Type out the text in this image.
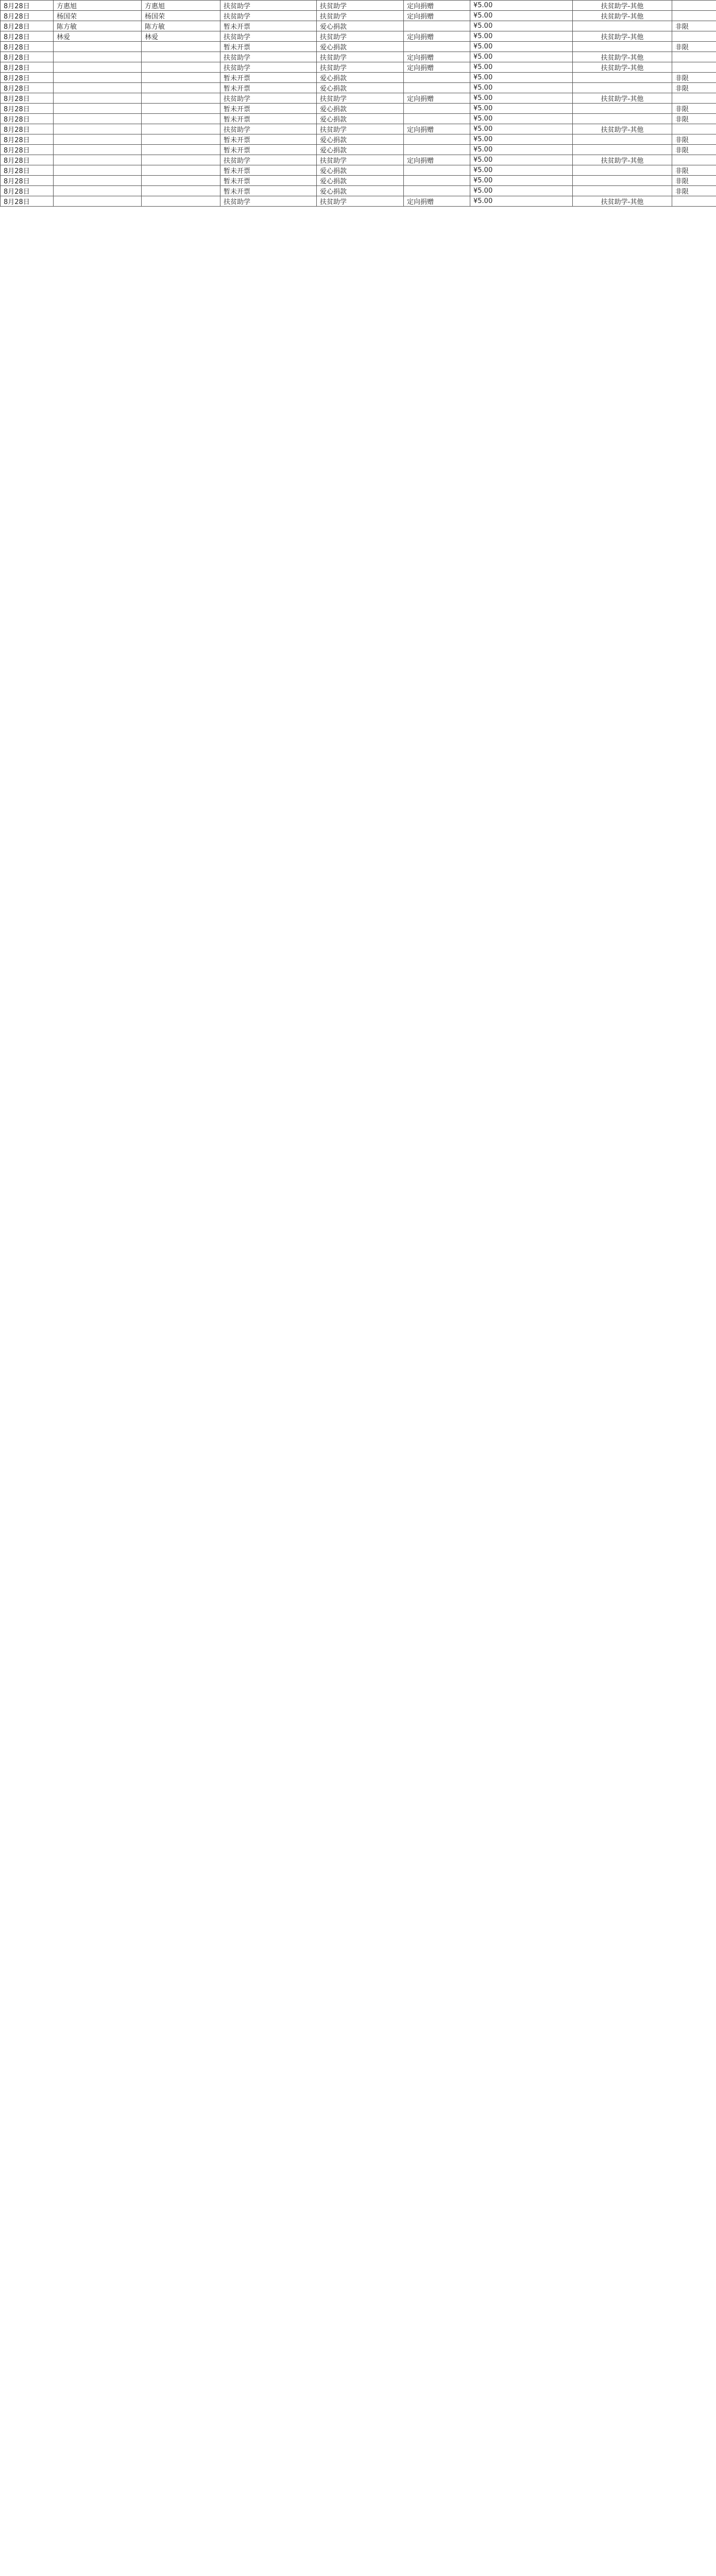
8月28日	方惠旭	方惠旭	扶贫助学	扶贫助学	定向捐赠	¥5.00	扶贫助学-其他	
8月28日	杨国荣	杨国荣	扶贫助学	扶贫助学	定向捐赠	¥5.00	扶贫助学-其他	
8月28日	陈方敏	陈方敏	暂未开票	爱心捐款		¥5.00		非限
8月28日	林爱	林爱	扶贫助学	扶贫助学	定向捐赠	¥5.00	扶贫助学-其他	
8月28日			暂未开票	爱心捐款		¥5.00		非限
8月28日			扶贫助学	扶贫助学	定向捐赠	¥5.00	扶贫助学-其他	
8月28日			扶贫助学	扶贫助学	定向捐赠	¥5.00	扶贫助学-其他	
8月28日			暂未开票	爱心捐款		¥5.00		非限
8月28日			暂未开票	爱心捐款		¥5.00		非限
8月28日			扶贫助学	扶贫助学	定向捐赠	¥5.00	扶贫助学-其他	
8月28日			暂未开票	爱心捐款		¥5.00		非限
8月28日			暂未开票	爱心捐款		¥5.00		非限
8月28日			扶贫助学	扶贫助学	定向捐赠	¥5.00	扶贫助学-其他	
8月28日			暂未开票	爱心捐款		¥5.00		非限
8月28日			暂未开票	爱心捐款		¥5.00		非限
8月28日			扶贫助学	扶贫助学	定向捐赠	¥5.00	扶贫助学-其他	
8月28日			暂未开票	爱心捐款		¥5.00		非限
8月28日			暂未开票	爱心捐款		¥5.00		非限
8月28日			暂未开票	爱心捐款		¥5.00		非限
8月28日			扶贫助学	扶贫助学	定向捐赠	¥5.00	扶贫助学-其他	
